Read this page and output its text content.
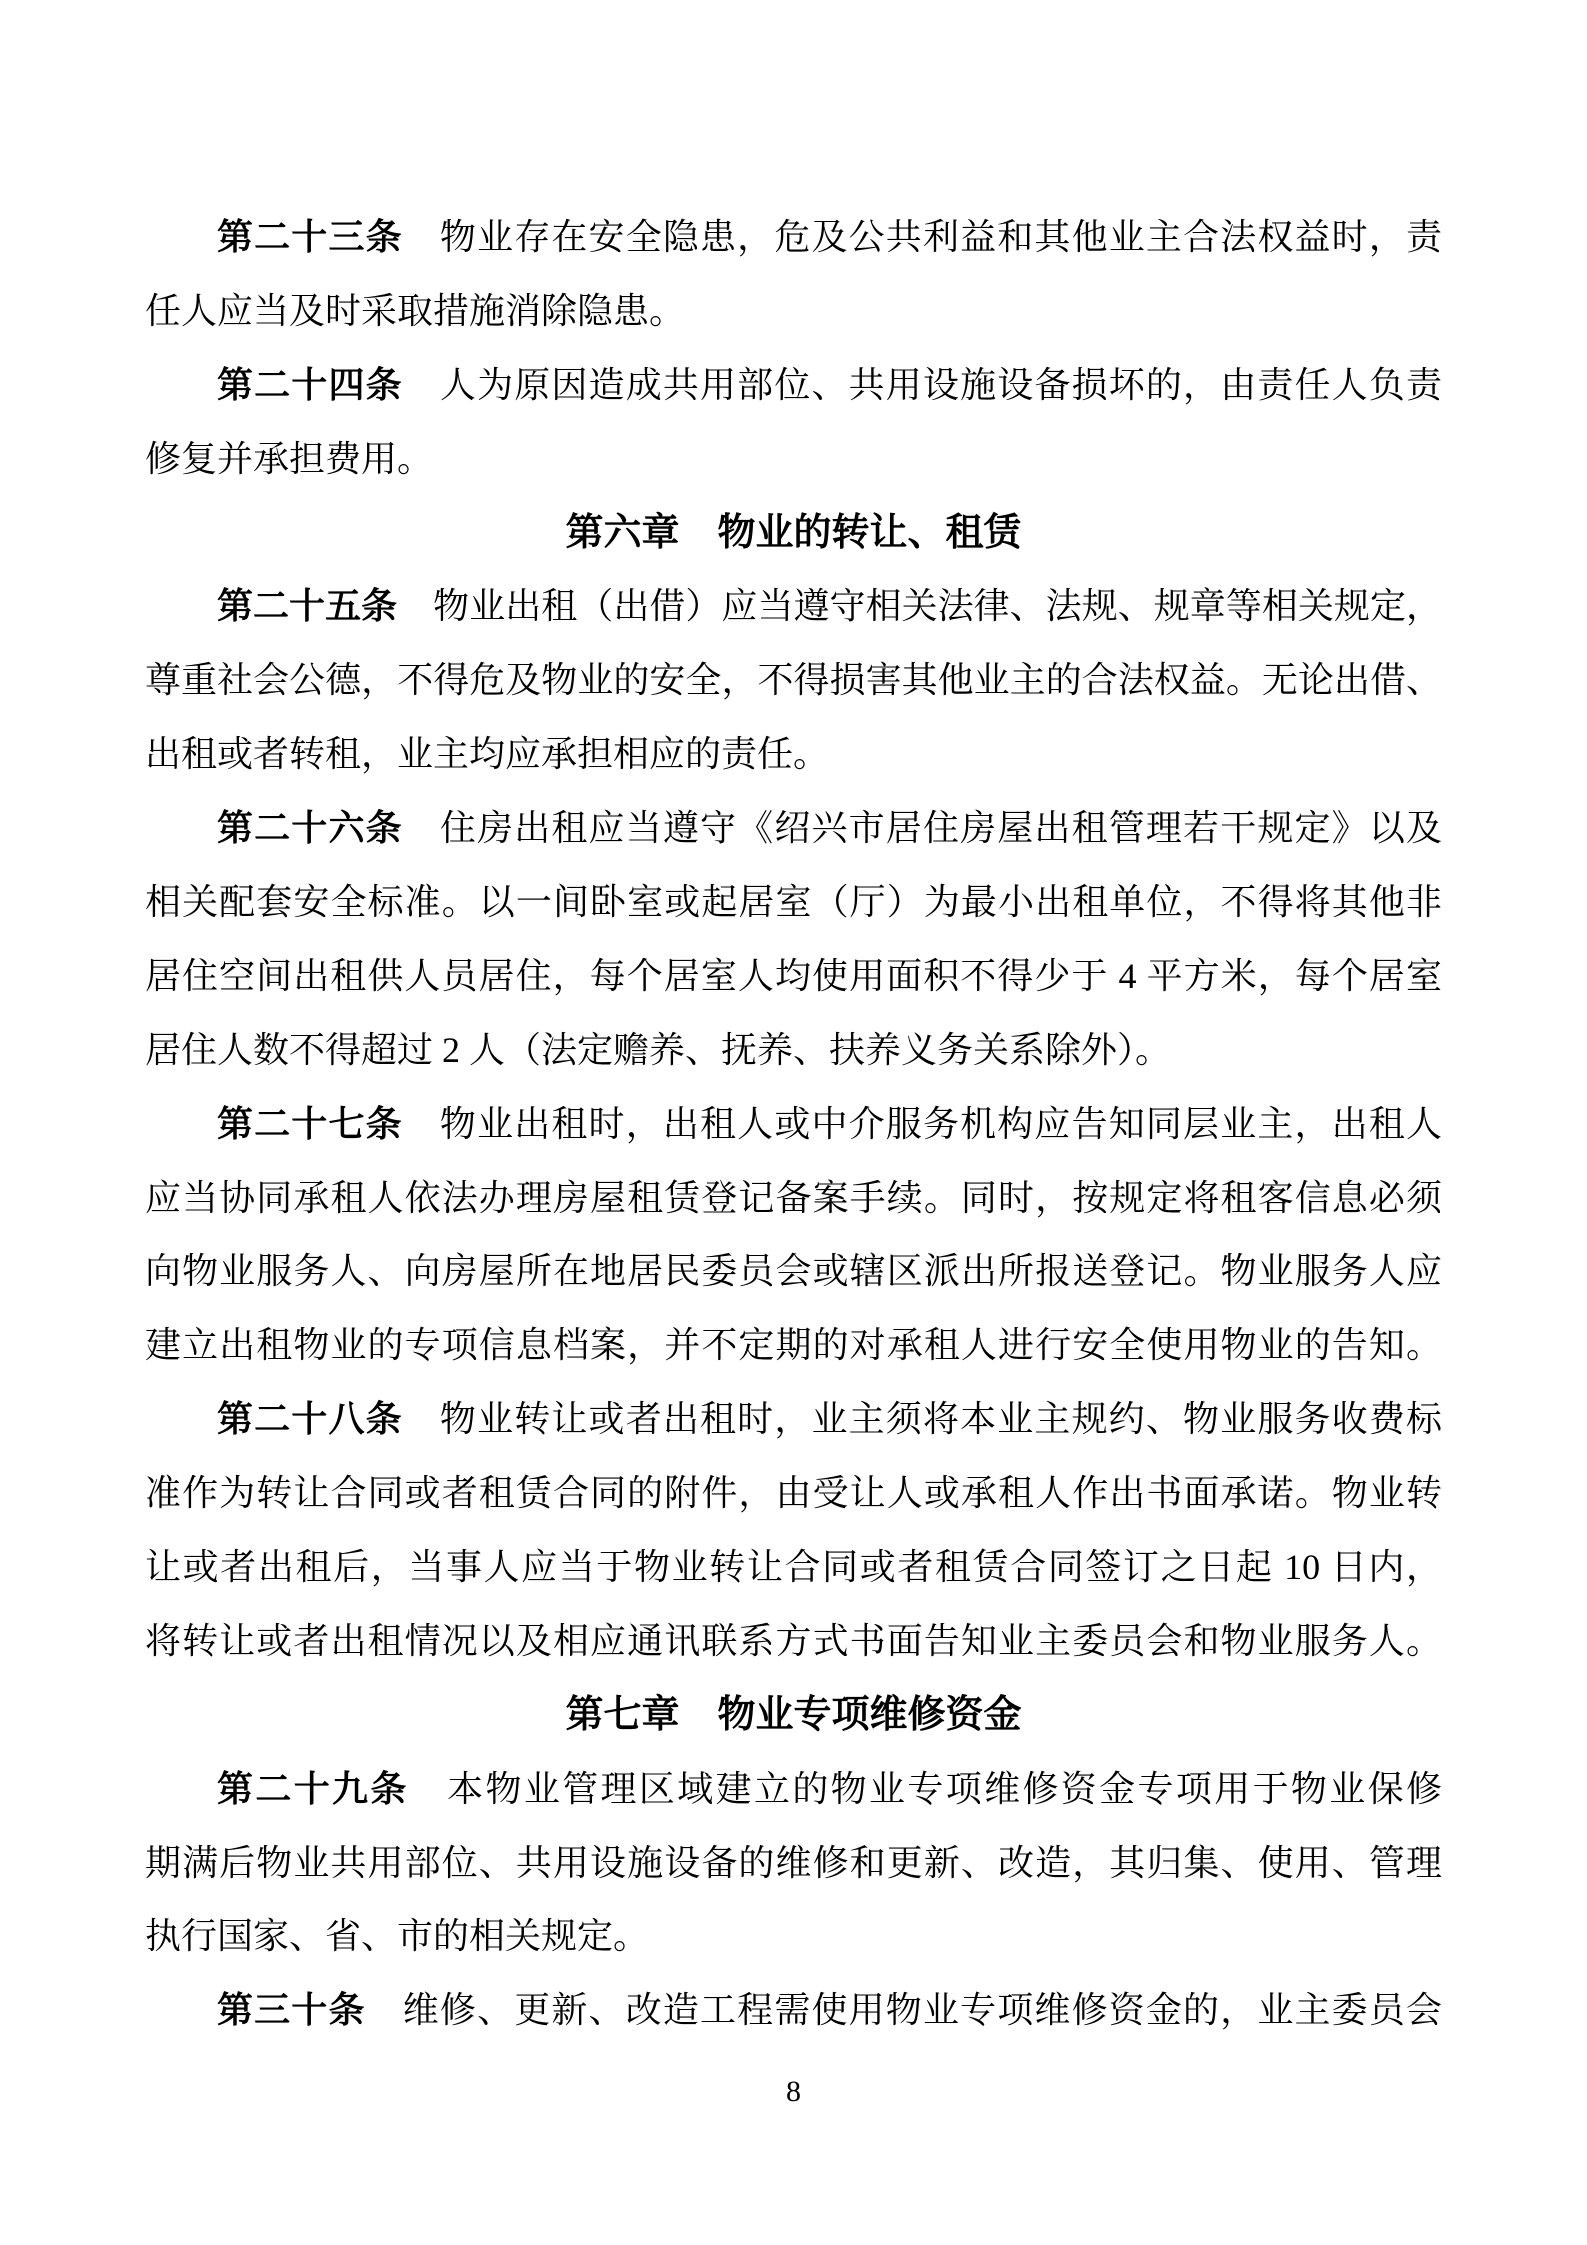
第二十三条　物业存在安全隐患，危及公共利益和其他业主合法权益时，责
任人应当及时采取措施消除隐患。
第二十四条　人为原因造成共用部位、共用设施设备损坏的，由责任人负责
修复并承担费用。
第六章　物业的转让、租赁
第二十五条　物业出租（出借）应当遵守相关法律、法规、规章等相关规定，
尊重社会公德，不得危及物业的安全，不得损害其他业主的合法权益。无论出借、
出租或者转租，业主均应承担相应的责任。
第二十六条　住房出租应当遵守《绍兴市居住房屋出租管理若干规定》以及
相关配套安全标准。以一间卧室或起居室（厅）为最小出租单位，不得将其他非
居住空间出租供人员居住，每个居室人均使用面积不得少于 4 平方米，每个居室
居住人数不得超过 2 人（法定赡养、抚养、扶养义务关系除外）。
第二十七条　物业出租时，出租人或中介服务机构应告知同层业主，出租人
应当协同承租人依法办理房屋租赁登记备案手续。同时，按规定将租客信息必须
向物业服务人、向房屋所在地居民委员会或辖区派出所报送登记。物业服务人应
建立出租物业的专项信息档案，并不定期的对承租人进行安全使用物业的告知。
第二十八条　物业转让或者出租时，业主须将本业主规约、物业服务收费标
准作为转让合同或者租赁合同的附件，由受让人或承租人作出书面承诺。物业转
让或者出租后，当事人应当于物业转让合同或者租赁合同签订之日起 10 日内，
将转让或者出租情况以及相应通讯联系方式书面告知业主委员会和物业服务人。
第七章　物业专项维修资金
第二十九条　本物业管理区域建立的物业专项维修资金专项用于物业保修
期满后物业共用部位、共用设施设备的维修和更新、改造，其归集、使用、管理
执行国家、省、市的相关规定。
第三十条　维修、更新、改造工程需使用物业专项维修资金的，业主委员会
8
